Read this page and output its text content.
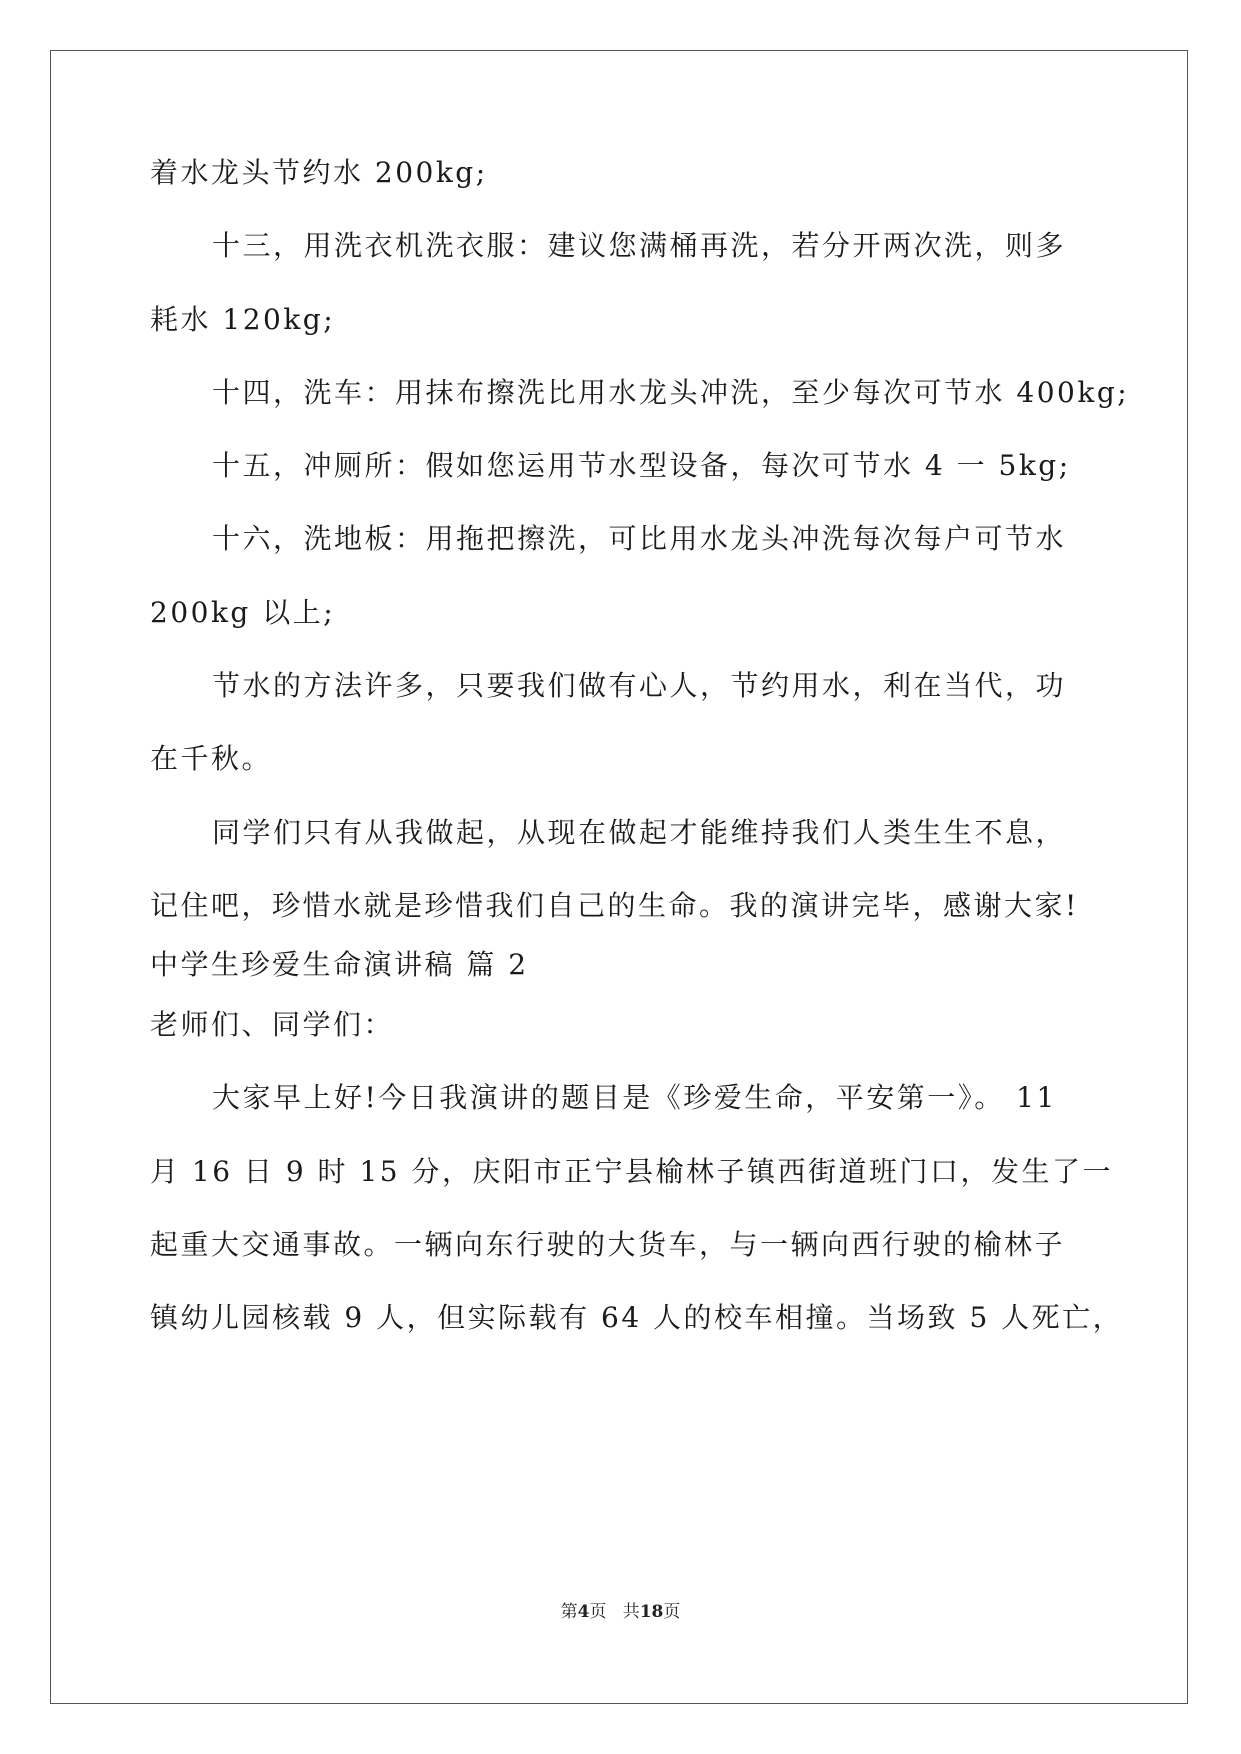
着水龙头节约水 200kg;
十三，用洗衣机洗衣服：建议您满桶再洗，若分开两次洗，则多
耗水 120kg;
十四，洗车：用抹布擦洗比用水龙头冲洗，至少每次可节水 400kg;
十五，冲厕所：假如您运用节水型设备，每次可节水 4 一 5kg;
十六，洗地板：用拖把擦洗，可比用水龙头冲洗每次每户可节水
200kg 以上;
节水的方法许多，只要我们做有心人，节约用水，利在当代，功
在千秋。
同学们只有从我做起，从现在做起才能维持我们人类生生不息，
记住吧，珍惜水就是珍惜我们自己的生命。我的演讲完毕，感谢大家!
中学生珍爱生命演讲稿 篇 2
老师们、同学们：
大家早上好!今日我演讲的题目是《珍爱生命，平安第一》。 11
月 16 日 9 时 15 分，庆阳市正宁县榆林子镇西街道班门口，发生了一
起重大交通事故。一辆向东行驶的大货车，与一辆向西行驶的榆林子
镇幼儿园核载 9 人，但实际载有 64 人的校车相撞。当场致 5 人死亡，
第4页 共18页
